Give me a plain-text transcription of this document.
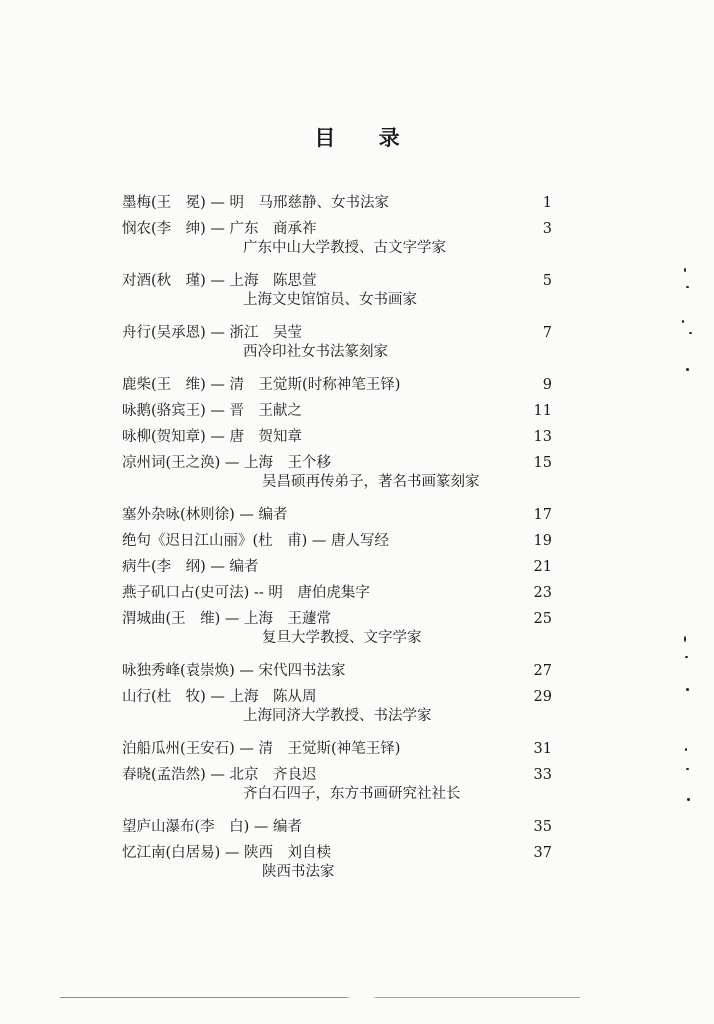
目 录
墨梅(王　冕) — 明　马邢慈静、女书法家	1
悯农(李　绅) — 广东　商承祚	3
广东中山大学教授、古文字学家
对酒(秋　瑾) — 上海　陈思萱	5
上海文史馆馆员、女书画家
舟行(吴承恩) — 浙江　吴莹	7
西冷印社女书法篆刻家
鹿柴(王　维) — 清　王觉斯(时称神笔王铎)	9
咏鹅(骆宾王) — 晋　王献之	11
咏柳(贺知章) — 唐　贺知章	13
凉州词(王之涣) — 上海　王个移	15
吴昌硕再传弟子，著名书画篆刻家
塞外杂咏(林则徐) — 编者	17
绝句《迟日江山丽》(杜　甫) — 唐人写经	19
病牛(李　纲) — 编者	21
燕子矶口占(史可法) -- 明　唐伯虎集字	23
渭城曲(王　维) — 上海　王蘧常	25
复旦大学教授、文字学家
咏独秀峰(袁崇焕) — 宋代四书法家	27
山行(杜　牧) — 上海　陈从周	29
上海同济大学教授、书法学家
泊船瓜州(王安石) — 清　王觉斯(神笔王铎)	31
春晓(孟浩然) — 北京　齐良迟	33
齐白石四子，东方书画研究社社长
望庐山瀑布(李　白) — 编者	35
忆江南(白居易) — 陕西　刘自椟	37
陕西书法家
